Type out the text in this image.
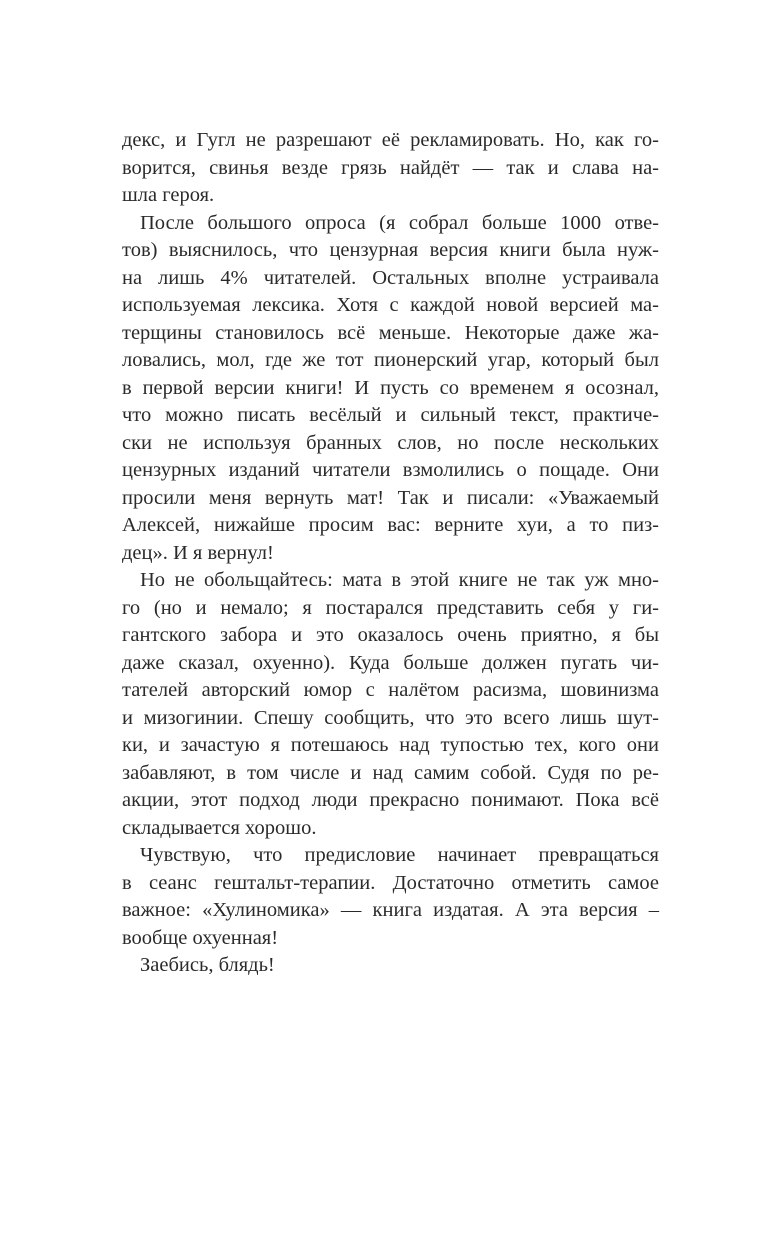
декс, и Гугл не разрешают её рекламировать. Но, как го-
ворится, свинья везде грязь найдёт — так и слава на-
шла героя.
После большого опроса (я собрал больше 1000 отве-
тов) выяснилось, что цензурная версия книги была нуж-
на лишь 4% читателей. Остальных вполне устраивала
используемая лексика. Хотя с каждой новой версией ма-
терщины становилось всё меньше. Некоторые даже жа-
ловались, мол, где же тот пионерский угар, который был
в первой версии книги! И пусть со временем я осознал,
что можно писать весёлый и сильный текст, практиче-
ски не используя бранных слов, но после нескольких
цензурных изданий читатели взмолились о пощаде. Они
просили меня вернуть мат! Так и писали: «Уважаемый
Алексей, нижайше просим вас: верните хуи, а то пиз-
дец». И я вернул!
Но не обольщайтесь: мата в этой книге не так уж мно-
го (но и немало; я постарался представить себя у ги-
гантского забора и это оказалось очень приятно, я бы
даже сказал, охуенно). Куда больше должен пугать чи-
тателей авторский юмор с налётом расизма, шовинизма
и мизогинии. Спешу сообщить, что это всего лишь шут-
ки, и зачастую я потешаюсь над тупостью тех, кого они
забавляют, в том числе и над самим собой. Судя по ре-
акции, этот подход люди прекрасно понимают. Пока всё
складывается хорошо.
Чувствую, что предисловие начинает превращаться
в сеанс гештальт-терапии. Достаточно отметить самое
важное: «Хулиномика» — книга издатая. А эта версия –
вообще охуенная!
Заебись, блядь!
